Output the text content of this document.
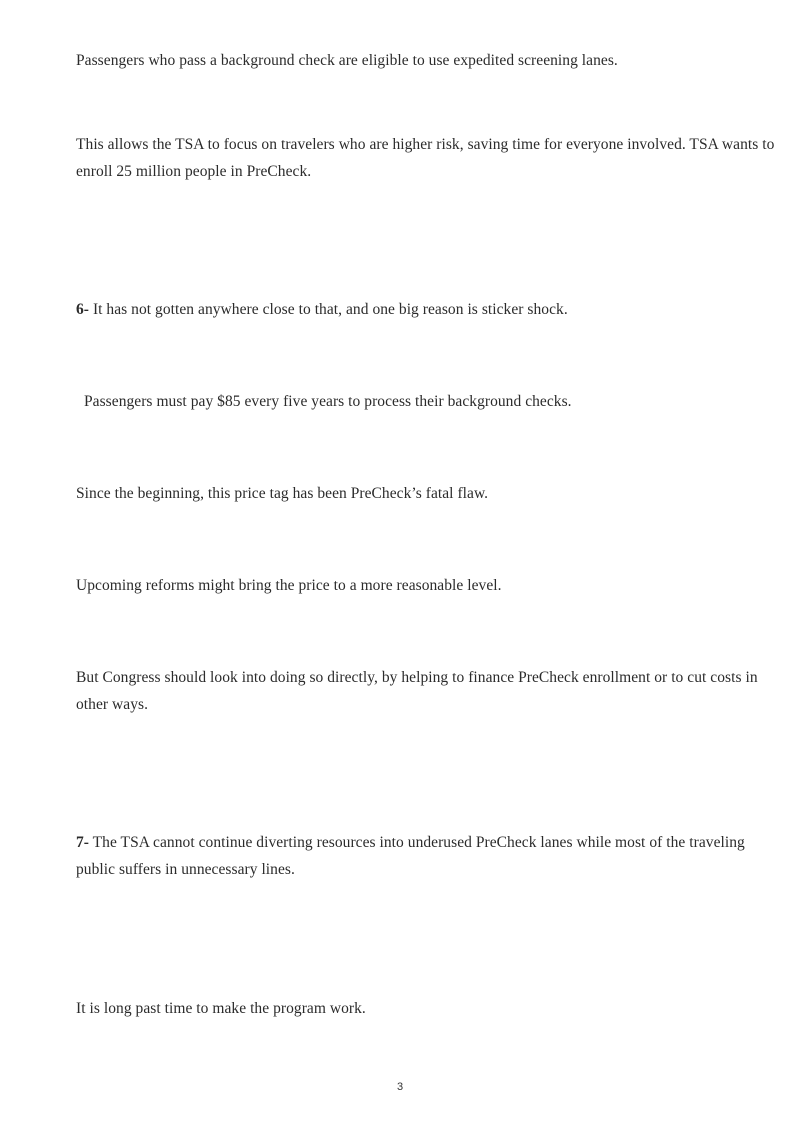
Passengers who pass a background check are eligible to use expedited screening lanes.

This allows the TSA to focus on travelers who are higher risk, saving time for everyone involved. TSA wants to enroll 25 million people in PreCheck.

6- It has not gotten anywhere close to that, and one big reason is sticker shock.

Passengers must pay $85 every five years to process their background checks.

Since the beginning, this price tag has been PreCheck’s fatal flaw.

Upcoming reforms might bring the price to a more reasonable level.

But Congress should look into doing so directly, by helping to finance PreCheck enrollment or to cut costs in other ways.

7- The TSA cannot continue diverting resources into underused PreCheck lanes while most of the traveling public suffers in unnecessary lines.

It is long past time to make the program work.

3
